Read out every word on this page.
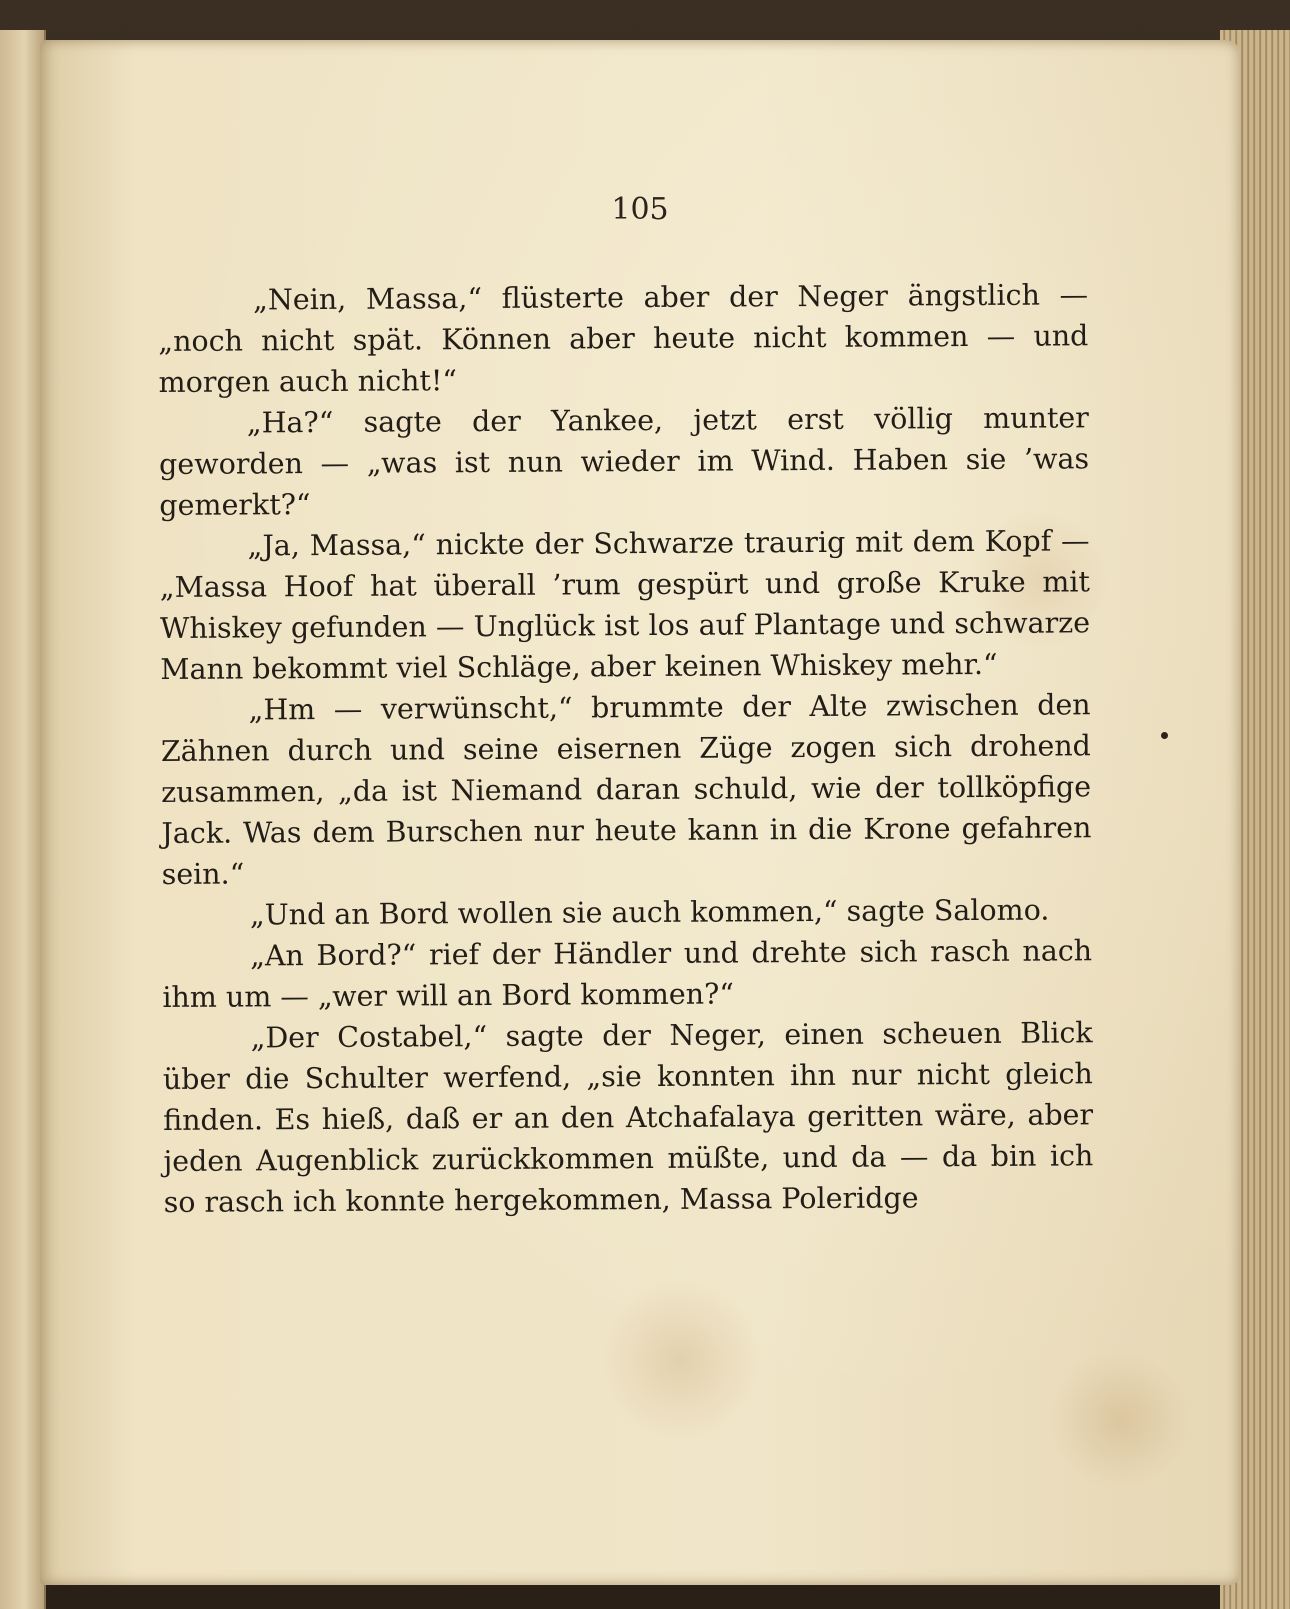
105

„Nein, Massa,“ flüsterte aber der Neger ängstlich — „noch nicht spät. Können aber heute nicht kommen — und morgen auch nicht!“

„Ha?“ sagte der Yankee, jetzt erst völlig munter geworden — „was ist nun wieder im Wind. Haben sie ’was gemerkt?“

„Ja, Massa,“ nickte der Schwarze traurig mit dem Kopf — „Massa Hoof hat überall ’rum gespürt und große Kruke mit Whiskey gefunden — Unglück ist los auf Plantage und schwarze Mann bekommt viel Schläge, aber keinen Whiskey mehr.“

„Hm — verwünscht,“ brummte der Alte zwischen den Zähnen durch und seine eisernen Züge zogen sich drohend zusammen, „da ist Niemand daran schuld, wie der tollköpfige Jack. Was dem Burschen nur heute kann in die Krone gefahren sein.“

„Und an Bord wollen sie auch kommen,“ sagte Salomo.

„An Bord?“ rief der Händler und drehte sich rasch nach ihm um — „wer will an Bord kommen?“

„Der Costabel,“ sagte der Neger, einen scheuen Blick über die Schulter werfend, „sie konnten ihn nur nicht gleich finden. Es hieß, daß er an den Atchafalaya geritten wäre, aber jeden Augenblick zurückkommen müßte, und da — da bin ich so rasch ich konnte hergekommen, Massa Poleridge
